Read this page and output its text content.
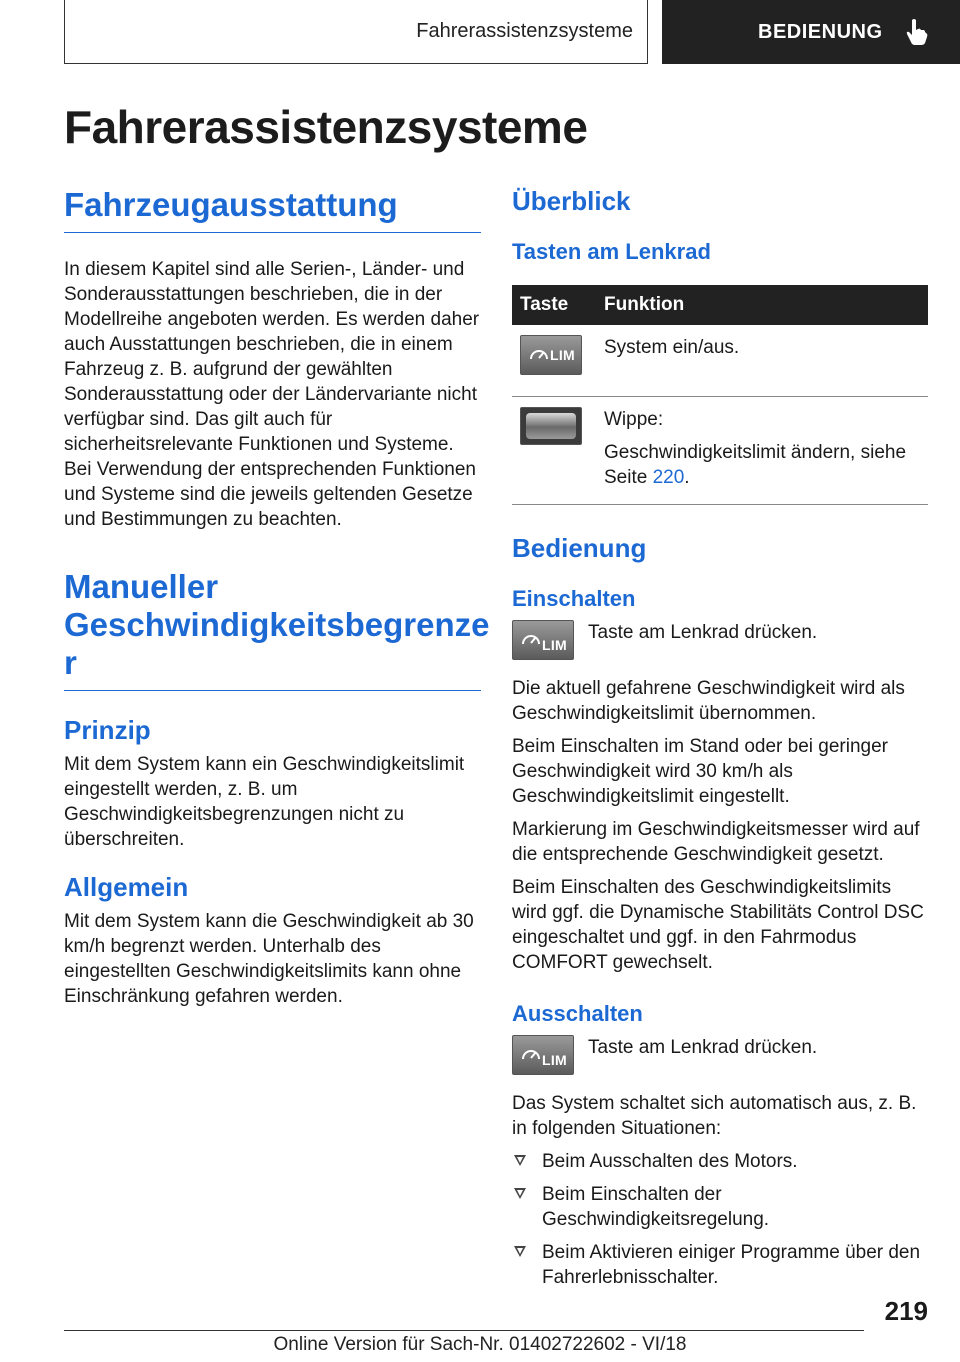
Fahrerassistenzsysteme	BEDIENUNG
Fahrerassistenzsysteme
Fahrzeugausstattung

In diesem Kapitel sind alle Serien-, Länder- und Sonderausstattungen beschrieben, die in der Modellreihe angeboten werden. Es werden daher auch Ausstattungen beschrieben, die in einem Fahrzeug z. B. aufgrund der gewählten Sonderausstattung oder der Ländervariante nicht verfügbar sind. Das gilt auch für sicherheitsrelevante Funktionen und Systeme. Bei Verwendung der entsprechenden Funktionen und Systeme sind die jeweils geltenden Gesetze und Bestimmungen zu beachten.

Manueller
Geschwindigkeitsbegrenze
r
Prinzip

Mit dem System kann ein Geschwindigkeitslimit eingestellt werden, z. B. um Geschwindigkeitsbegrenzungen nicht zu überschreiten.

Allgemein

Mit dem System kann die Geschwindigkeit ab 30 km/h begrenzt werden. Unterhalb des eingestellten Geschwindigkeitslimits kann ohne Einschränkung gefahren werden.

Überblick
Tasten am Lenkrad
Taste	Funktion

LIM	System ein/aus.

	Wippe:
Geschwindigkeitslimit ändern, siehe Seite 220.
Bedienung
Einschalten
LIM

Taste am Lenkrad drücken.

Die aktuell gefahrene Geschwindigkeit wird als Geschwindigkeitslimit übernommen.

Beim Einschalten im Stand oder bei geringer Geschwindigkeit wird 30 km/h als Geschwindigkeitslimit eingestellt.

Markierung im Geschwindigkeitsmesser wird auf die entsprechende Geschwindigkeit gesetzt.

Beim Einschalten des Geschwindigkeitslimits wird ggf. die Dynamische Stabilitäts Control DSC eingeschaltet und ggf. in den Fahrmodus COMFORT gewechselt.

Ausschalten
LIM

Taste am Lenkrad drücken.

Das System schaltet sich automatisch aus, z. B. in folgenden Situationen:

Beim Ausschalten des Motors.
Beim Einschalten der Geschwindigkeitsregelung.
Beim Aktivieren einiger Programme über den Fahrerlebnisschalter.
219
Online Version für Sach-Nr. 01402722602 - VI/18
